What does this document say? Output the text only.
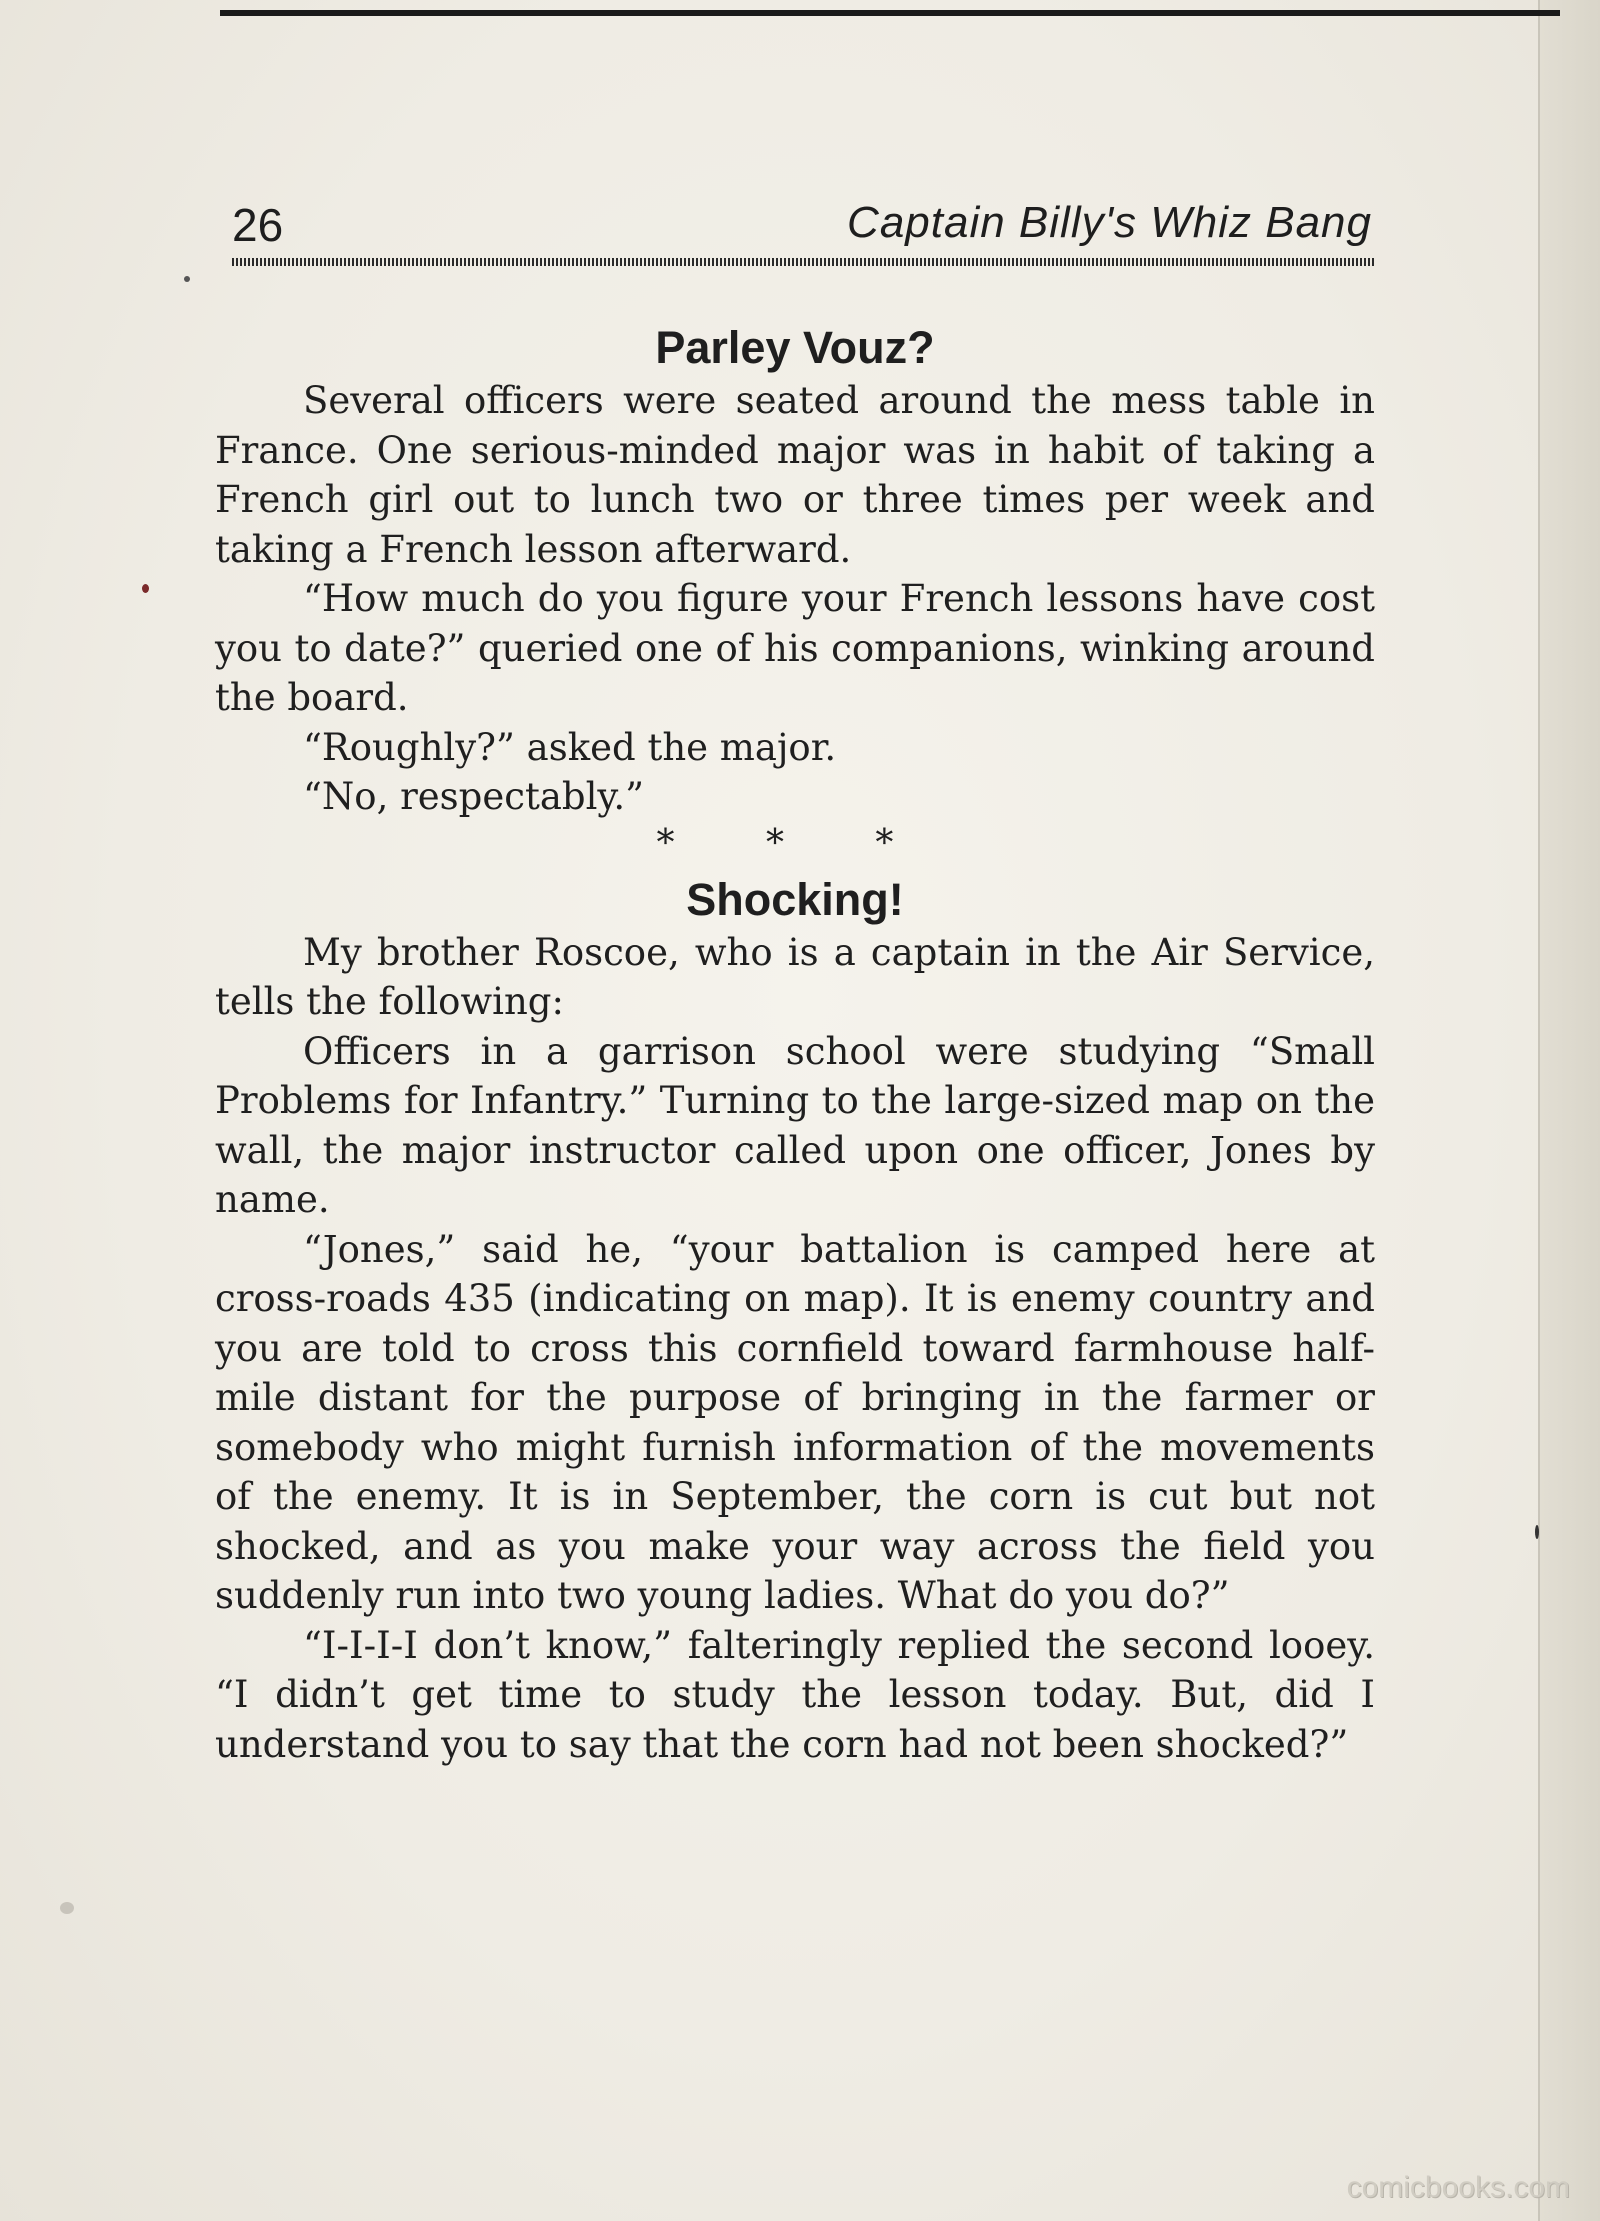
26	Captain Billy's Whiz Bang
Parley Vouz?

Several officers were seated around the mess table in France. One serious-minded major was in habit of taking a French girl out to lunch two or three times per week and taking a French lesson afterward.

“How much do you figure your French lessons have cost you to date?” queried one of his companions, winking around the board.

“Roughly?” asked the major.

“No, respectably.”

* * *
Shocking!

My brother Roscoe, who is a captain in the Air Service, tells the following:

Officers in a garrison school were studying “Small Problems for Infantry.” Turning to the large-sized map on the wall, the major instructor called upon one officer, Jones by name.

“Jones,” said he, “your battalion is camped here at cross-roads 435 (indicating on map). It is enemy country and you are told to cross this cornfield toward farmhouse half-mile distant for the purpose of bringing in the farmer or somebody who might furnish information of the movements of the enemy. It is in September, the corn is cut but not shocked, and as you make your way across the field you suddenly run into two young ladies. What do you do?”

“I-I-I-I don’t know,” falteringly replied the second looey. “I didn’t get time to study the lesson today. But, did I understand you to say that the corn had not been shocked?”

comicbooks.com
